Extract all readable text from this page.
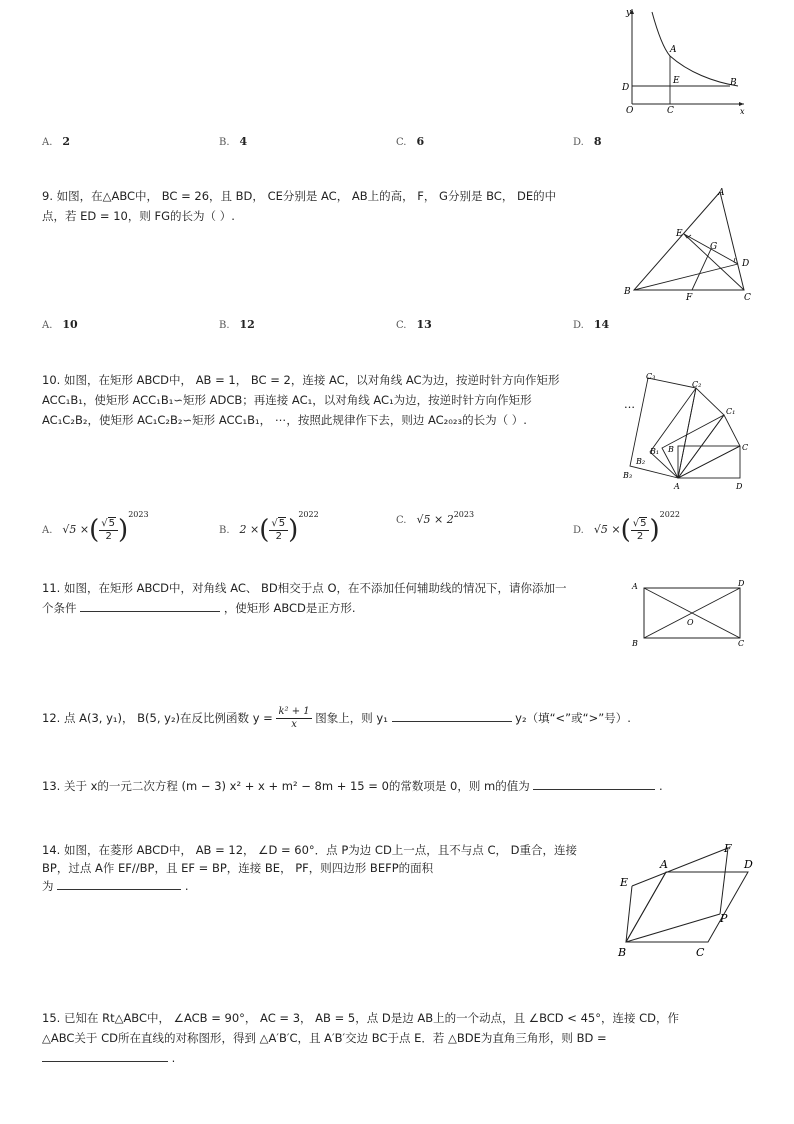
y
x
O
A
B
C
D
E
A. 2	B. 4	C. 6	D. 8
9. 如图，在△ABC中， BC = 26，且 BD， CE分别是 AC， AB上的高， F， G分别是 BC， DE的中
点，若 ED = 10，则 FG的长为（ ）.
A
B
C
D
E
F
G
A. 10	B. 12	C. 13	D. 14
10. 如图，在矩形 ABCD中， AB = 1， BC = 2，连接 AC，以对角线 AC为边，按逆时针方向作矩形
ACC₁B₁，使矩形 ACC₁B₁∽矩形 ADCB；再连接 AC₁，以对角线 AC₁为边，按逆时针方向作矩形
AC₁C₂B₂，使矩形 AC₁C₂B₂∽矩形 ACC₁B₁， ⋯，按照此规律作下去，则边 AC₂₀₂₃的长为（ ）.
…
C₃
C₂
C₁
C
B₁
B₂
B₃
B
A	D
A. √5 ×( $\frac{√5}{2} )^{2023}$
B. 2 ×( $\frac{√5}{2} )^{2022}$
C. $√5 \times 2^{2023}$
D. √5 ×( $\frac{√5}{2} )^{2022}$
11. 如图，在矩形 ABCD中，对角线 AC、 BD相交于点 O，在不添加任何辅助线的情况下，请你添加一
个条件	，使矩形 ABCD是正方形.
A	D
B	C
O
12. 点 A(3, y₁)， B(5, y₂)在反比例函数 $y = \frac{\text{k² + 1}}{x}$ 图象上，则 y₁	y₂（填“<”或“>”号）.
13. 关于 x的一元二次方程 (m − 3) x² + x + m² − 8m + 15 = 0的常数项是 0，则 m的值为	.
14. 如图，在菱形 ABCD中， AB = 12， ∠D = 60°．点 P为边 CD上一点，且不与点 C， D重合，连接
BP，过点 A作 EF//BP，且 EF = BP，连接 BE， PF，则四边形 BEFP的面积
为	.
A
B	C
D
E
F
P
15. 已知在 Rt△ABC中， ∠ACB = 90°， AC = 3， AB = 5，点 D是边 AB上的一个动点，且 ∠BCD < 45°，连接 CD，作
△ABC关于 CD所在直线的对称图形，得到 △A′B′C，且 A′B′交边 BC于点 E．若 △BDE为直角三角形，则 BD =
.
